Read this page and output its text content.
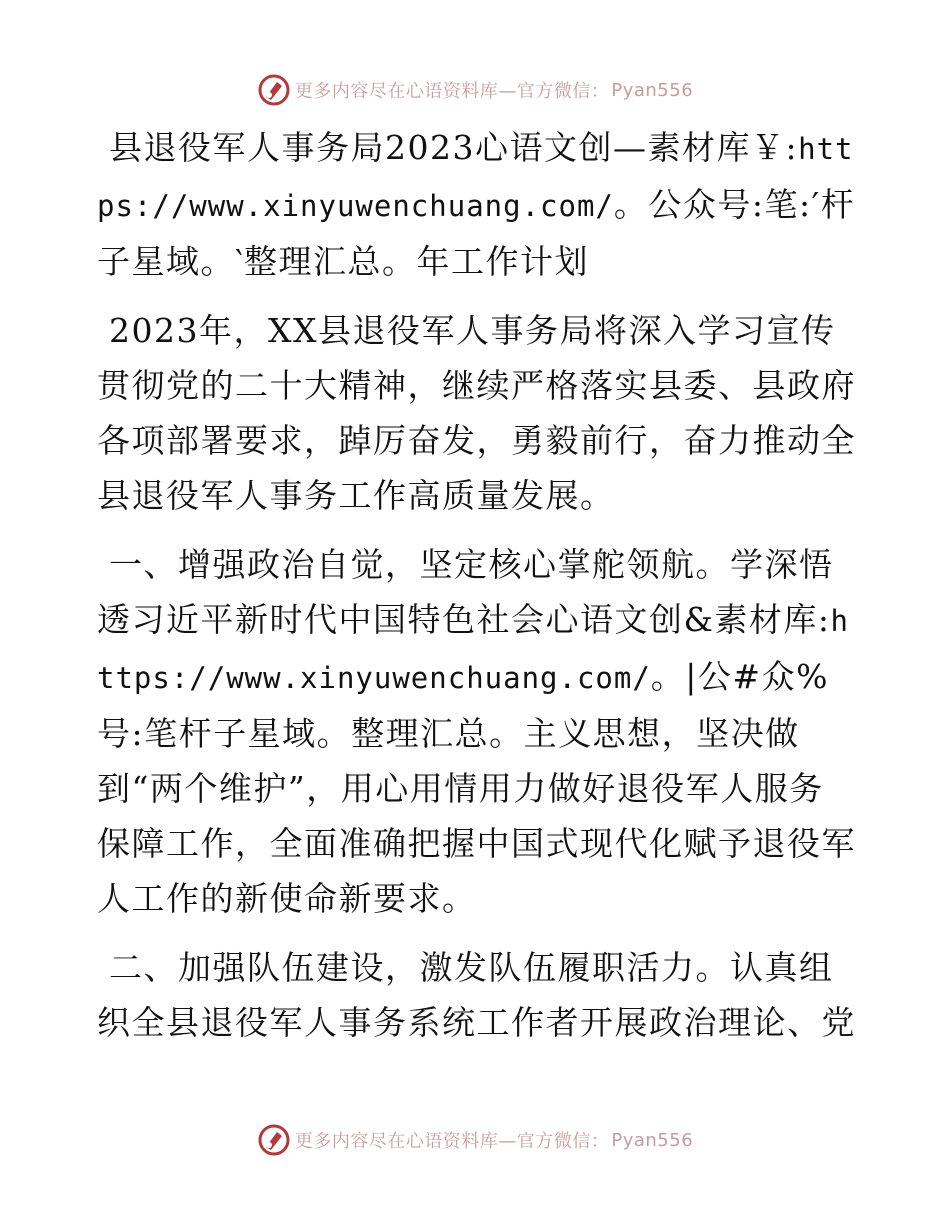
更多内容尽在心语资料库—官方微信： Pyan556

县退役军人事务局2023心语文创—素材库￥:https://www.xinyuwenchuang.com/。公众号:笔:′杆子星域。‵整理汇总。年工作计划

2023年，XX县退役军人事务局将深入学习宣传贯彻党的二十大精神，继续严格落实县委、县政府各项部署要求，踔厉奋发，勇毅前行，奋力推动全县退役军人事务工作高质量发展。

一、增强政治自觉，坚定核心掌舵领航。学深悟透习近平新时代中国特色社会心语文创&素材库:https://www.xinyuwenchuang.com/。|公#众%号:笔杆子星域。整理汇总。主义思想，坚决做到“两个维护”，用心用情用力做好退役军人服务保障工作，全面准确把握中国式现代化赋予退役军人工作的新使命新要求。

二、加强队伍建设，激发队伍履职活力。认真组织全县退役军人事务系统工作者开展政治理论、党

更多内容尽在心语资料库—官方微信： Pyan556
